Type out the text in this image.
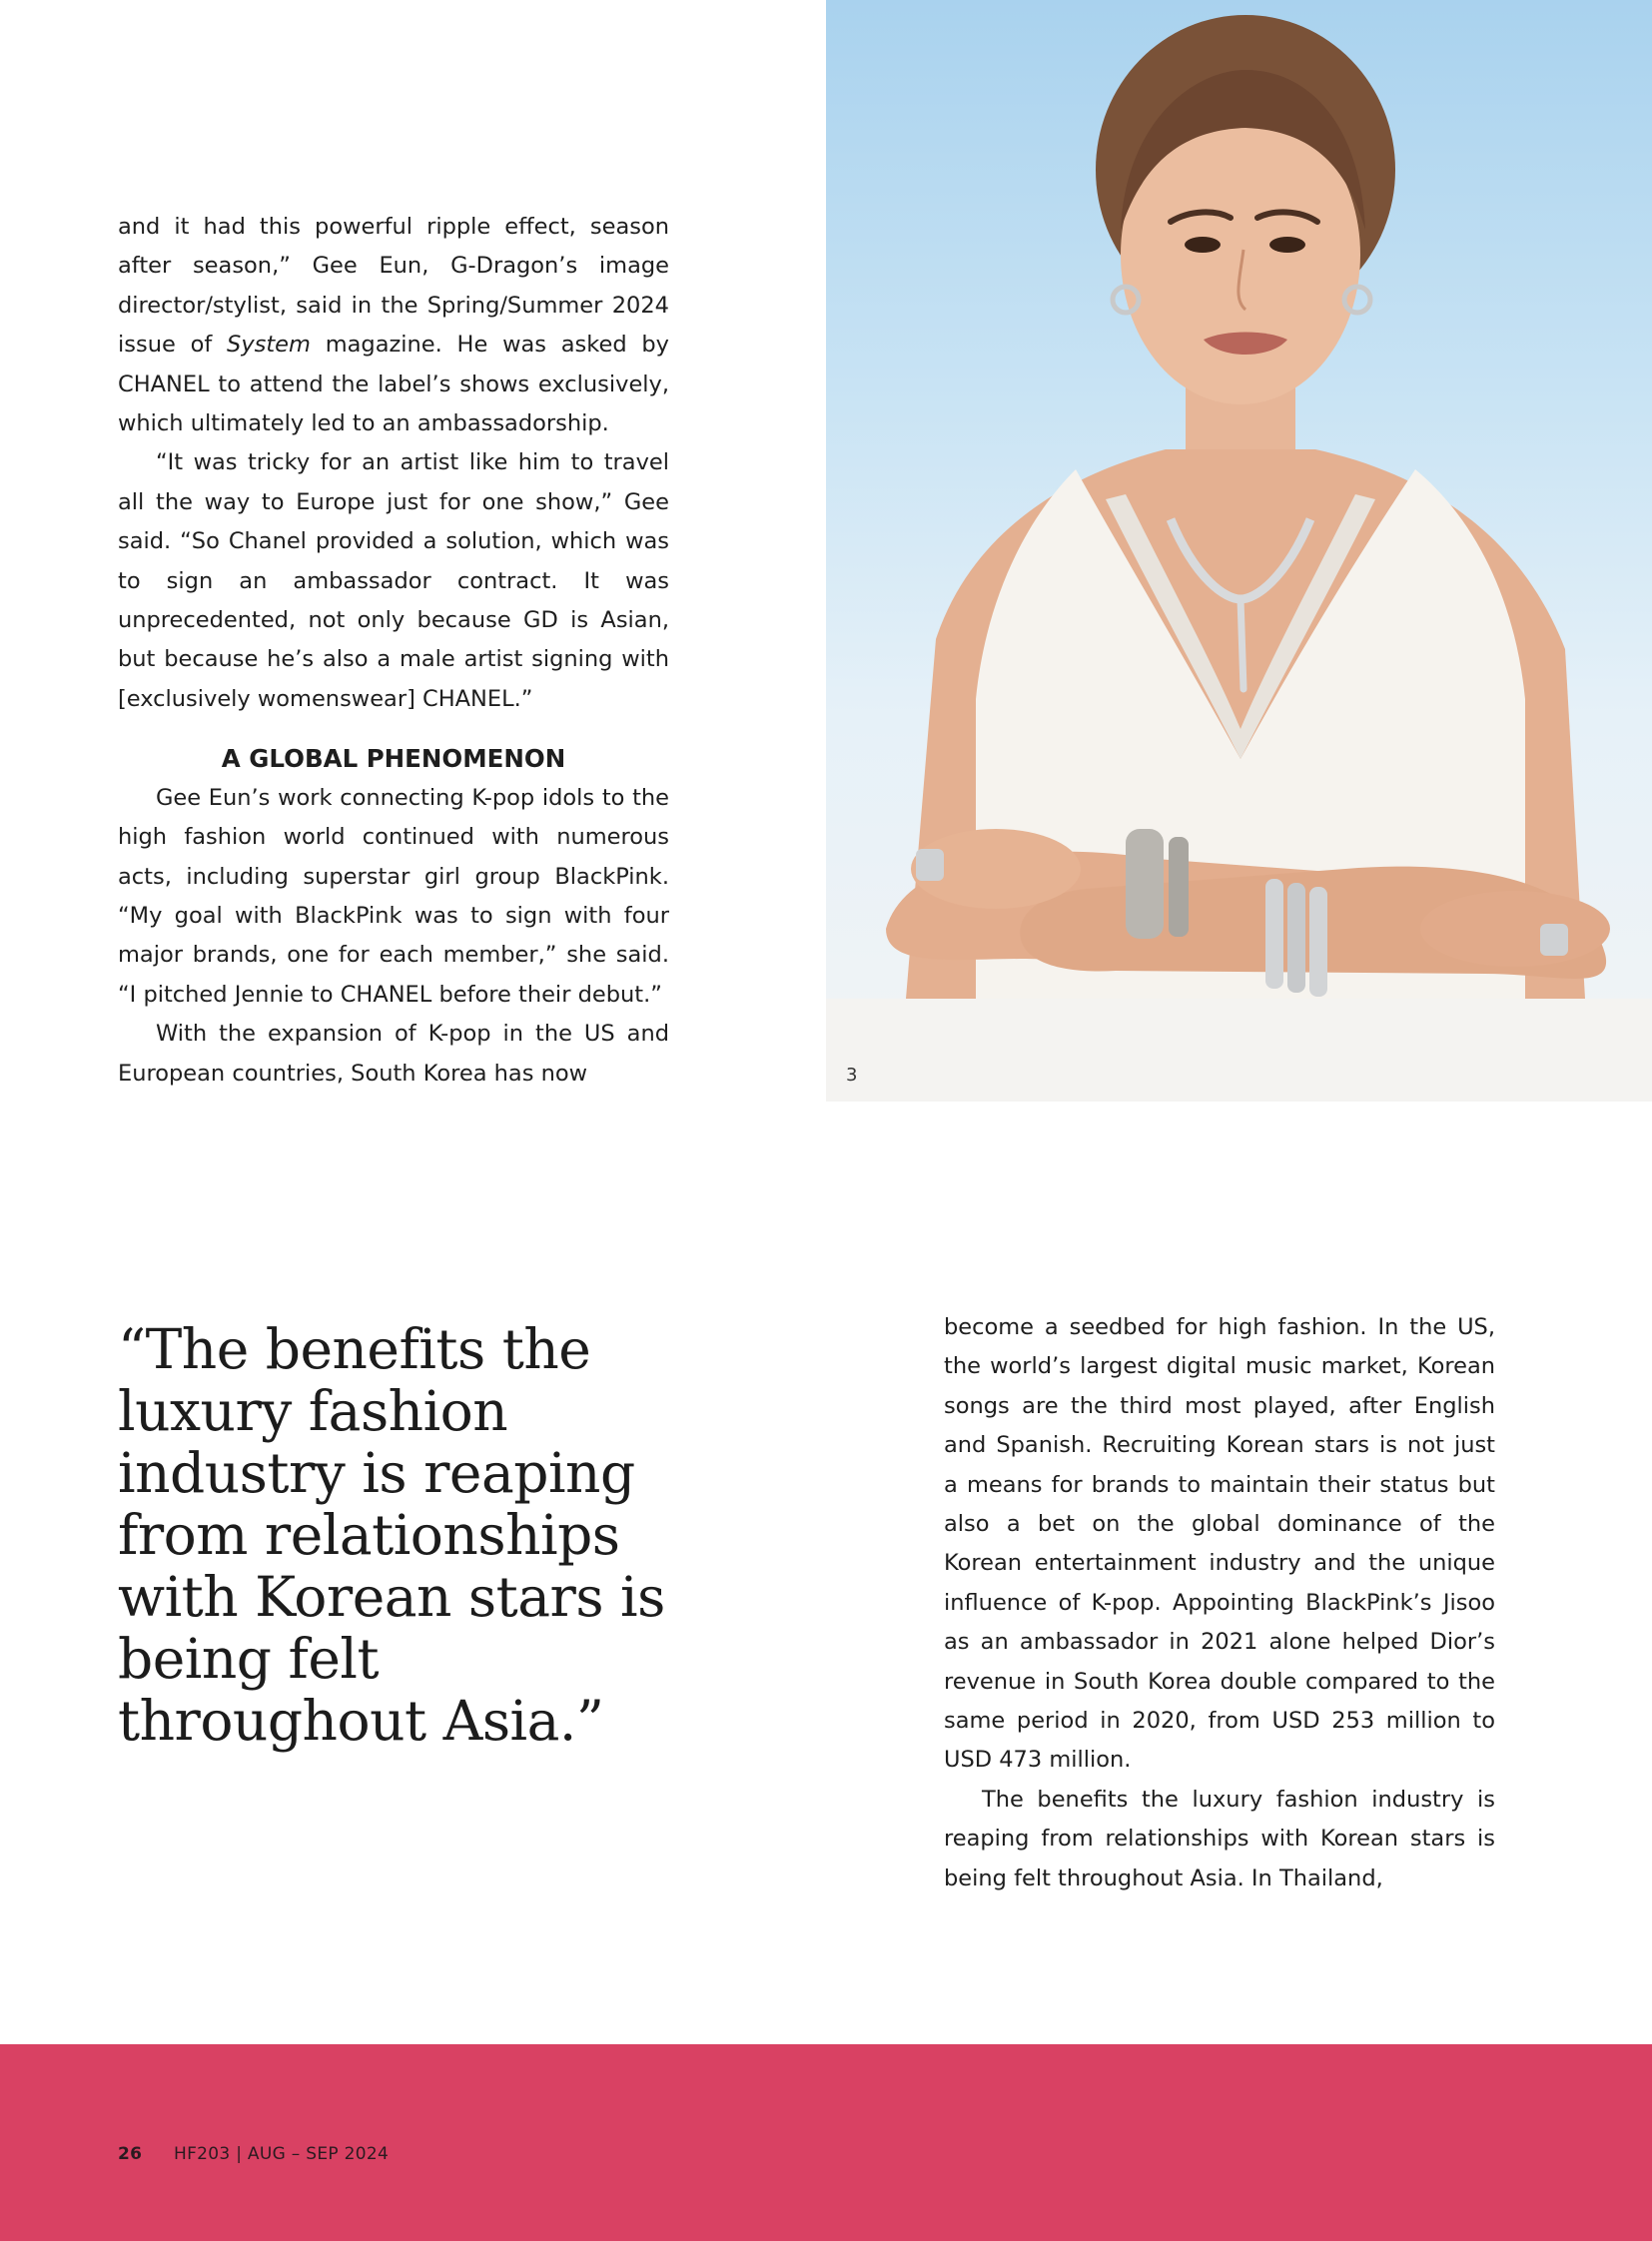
and it had this powerful ripple effect, season after season,” Gee Eun, G-Dragon’s image director/stylist, said in the Spring/Summer 2024 issue of System magazine. He was asked by CHANEL to attend the label’s shows exclusively, which ultimately led to an ambassadorship.

“It was tricky for an artist like him to travel all the way to Europe just for one show,” Gee said. “So Chanel provided a solution, which was to sign an ambassador contract. It was unprecedented, not only because GD is Asian, but because he’s also a male artist signing with [exclusively womenswear] CHANEL.”

A GLOBAL PHENOMENON

Gee Eun’s work connecting K-pop idols to the high fashion world continued with numerous acts, including superstar girl group BlackPink. “My goal with BlackPink was to sign with four major brands, one for each member,” she said. “I pitched Jennie to CHANEL before their debut.”

With the expansion of K-pop in the US and European countries, South Korea has now	3

“The benefits the luxury fashion industry is reaping from relationships with Korean stars is being felt throughout Asia.”

become a seedbed for high fashion. In the US, the world’s largest digital music market, Korean songs are the third most played, after English and Spanish. Recruiting Korean stars is not just a means for brands to maintain their status but also a bet on the global dominance of the Korean entertainment industry and the unique influence of K-pop. Appointing BlackPink’s Jisoo as an ambassador in 2021 alone helped Dior’s revenue in South Korea double compared to the same period in 2020, from USD 253 million to USD 473 million.

The benefits the luxury fashion industry is reaping from relationships with Korean stars is being felt throughout Asia. In Thailand,

26 HF203 | AUG – SEP 2024
